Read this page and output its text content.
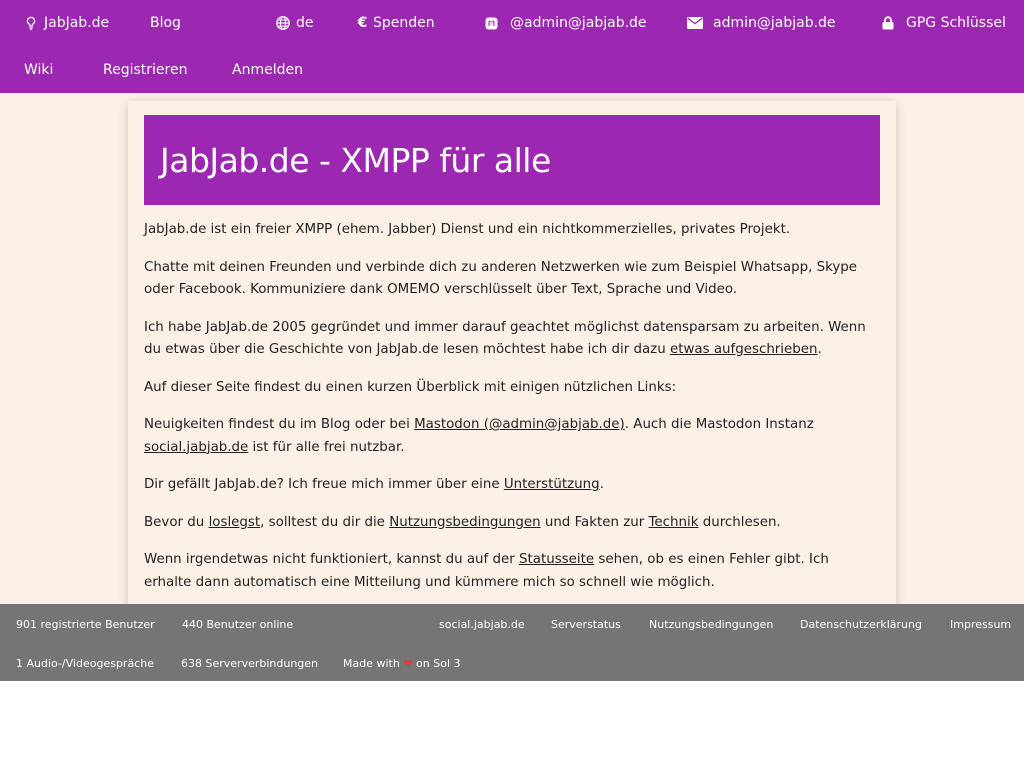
JabJab.de	Blog	de	€ Spenden	@admin@jabjab.de	admin@jabjab.de	GPG Schlüssel
Wiki	Registrieren	Anmelden
JabJab.de - XMPP für alle

JabJab.de ist ein freier XMPP (ehem. Jabber) Dienst und ein nichtkommerzielles, privates Projekt.

Chatte mit deinen Freunden und verbinde dich zu anderen Netzwerken wie zum Beispiel Whatsapp, Skype oder Facebook. Kommuniziere dank OMEMO verschlüsselt über Text, Sprache und Video.

Ich habe JabJab.de 2005 gegründet und immer darauf geachtet möglichst datensparsam zu arbeiten. Wenn du etwas über die Geschichte von JabJab.de lesen möchtest habe ich dir dazu etwas aufgeschrieben.

Auf dieser Seite findest du einen kurzen Überblick mit einigen nützlichen Links:

Neuigkeiten findest du im Blog oder bei Mastodon (@admin@jabjab.de). Auch die Mastodon Instanz social.jabjab.de ist für alle frei nutzbar.

Dir gefällt JabJab.de? Ich freue mich immer über eine Unterstützung.

Bevor du loslegst, solltest du dir die Nutzungsbedingungen und Fakten zur Technik durchlesen.

Wenn irgendetwas nicht funktioniert, kannst du auf der Statusseite sehen, ob es einen Fehler gibt. Ich erhalte dann automatisch eine Mitteilung und kümmere mich so schnell wie möglich.

901 registrierte Benutzer 440 Benutzer online	social.jabjab.de Serverstatus	Nutzungsbedingungen Datenschutzerklärung	Impressum
1 Audio-/Videogespräche 638 Serververbindungen Made with ❤ on Sol 3
